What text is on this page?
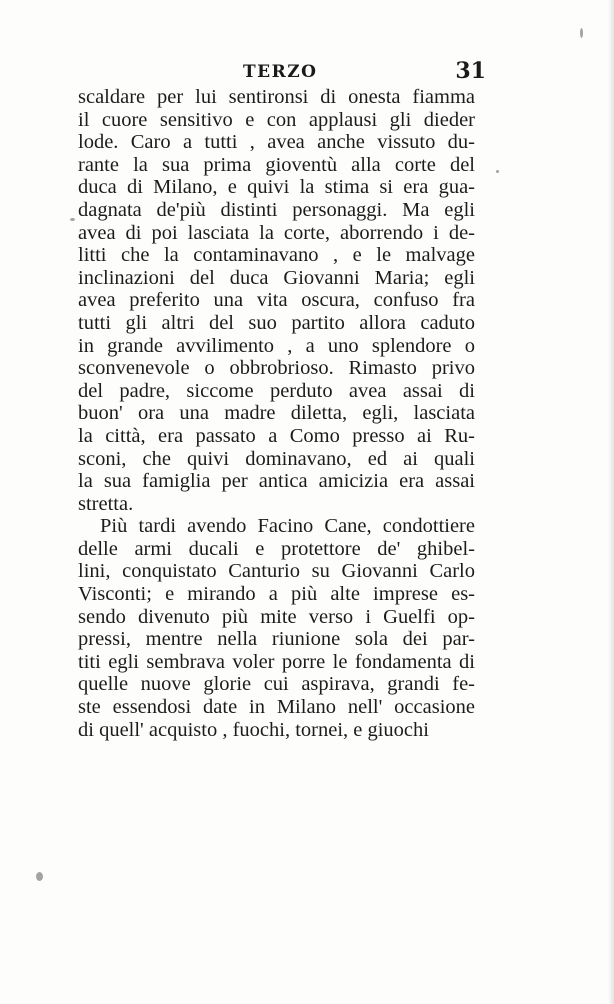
TERZO	31
scaldare per lui sentironsi di onesta fiamma
il cuore sensitivo e con applausi gli dieder
lode. Caro a tutti , avea anche vissuto du-
rante la sua prima gioventù alla corte del
duca di Milano, e quivi la stima si era gua-
dagnata de'più distinti personaggi. Ma egli
avea di poi lasciata la corte, aborrendo i de-
litti che la contaminavano , e le malvage
inclinazioni del duca Giovanni Maria; egli
avea preferito una vita oscura, confuso fra
tutti gli altri del suo partito allora caduto
in grande avvilimento , a uno splendore o
sconvenevole o obbrobrioso. Rimasto privo
del padre, siccome perduto avea assai di
buon' ora una madre diletta, egli, lasciata
la città, era passato a Como presso ai Ru-
sconi, che quivi dominavano, ed ai quali
la sua famiglia per antica amicizia era assai
stretta.
Più tardi avendo Facino Cane, condottiere
delle armi ducali e protettore de' ghibel-
lini, conquistato Canturio su Giovanni Carlo
Visconti; e mirando a più alte imprese es-
sendo divenuto più mite verso i Guelfi op-
pressi, mentre nella riunione sola dei par-
titi egli sembrava voler porre le fondamenta di
quelle nuove glorie cui aspirava, grandi fe-
ste essendosi date in Milano nell' occasione
di quell' acquisto , fuochi, tornei, e giuochi
